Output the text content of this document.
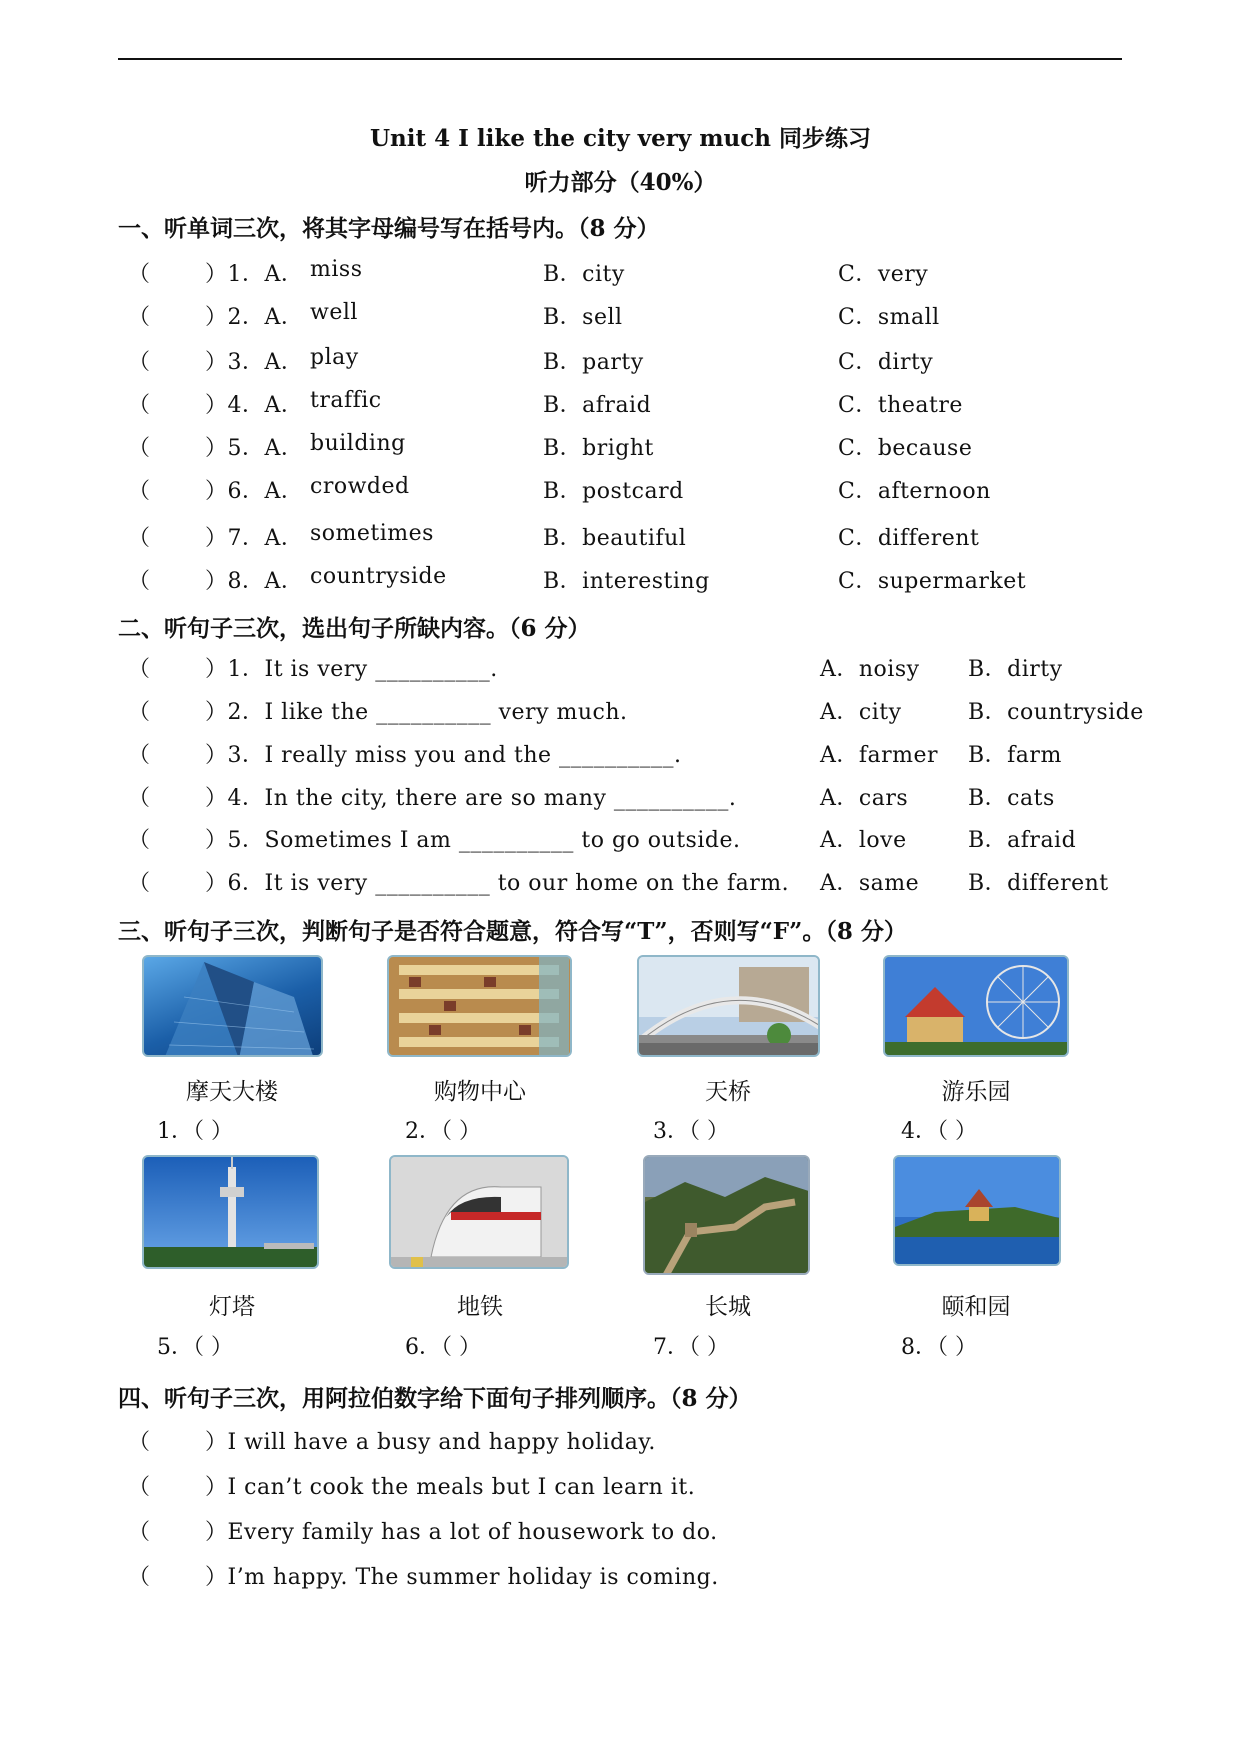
Unit 4 I like the city very much 同步练习
听力部分（40%）
一、听单词三次，将其字母编号写在括号内。（8 分）
（ ）1．A． miss	B．city	C．very
（ ）2．A． well	B．sell	C．small
（ ）3．A． play	B．party	C．dirty
（ ）4．A． traffic	B．afraid	C．theatre
（ ）5．A． building	B．bright	C．because
（ ）6．A． crowded	B．postcard	C．afternoon
（ ）7．A． sometimes	B．beautiful	C．different
（ ）8．A． countryside	B．interesting	C．supermarket
二、听句子三次，选出句子所缺内容。（6 分）
（ ）1．It is very __________.	A．noisy B．dirty
（ ）2．I like the __________ very much.	A．city	B．countryside
（ ）3．I really miss you and the __________.	A．farmer B．farm
（ ）4．In the city, there are so many __________.	A．cars	B．cats
（ ）5．Sometimes I am __________ to go outside.	A．love	B．afraid
（ ）6．It is very __________ to our home on the farm. A．same B．different
三、听句子三次，判断句子是否符合题意，符合写“T”，否则写“F”。（8 分）
摩天大楼	购物中心	天桥	游乐园
1．（ ）	2．（ ）	3．（ ）	4．（ ）
灯塔	地铁	长城	颐和园
5．（ ）	6．（ ）	7．（ ）	8．（ ）
四、听句子三次，用阿拉伯数字给下面句子排列顺序。（8 分）
（ ）I will have a busy and happy holiday.
（ ）I can’t cook the meals but I can learn it.
（ ）Every family has a lot of housework to do.
（ ）I’m happy. The summer holiday is coming.
